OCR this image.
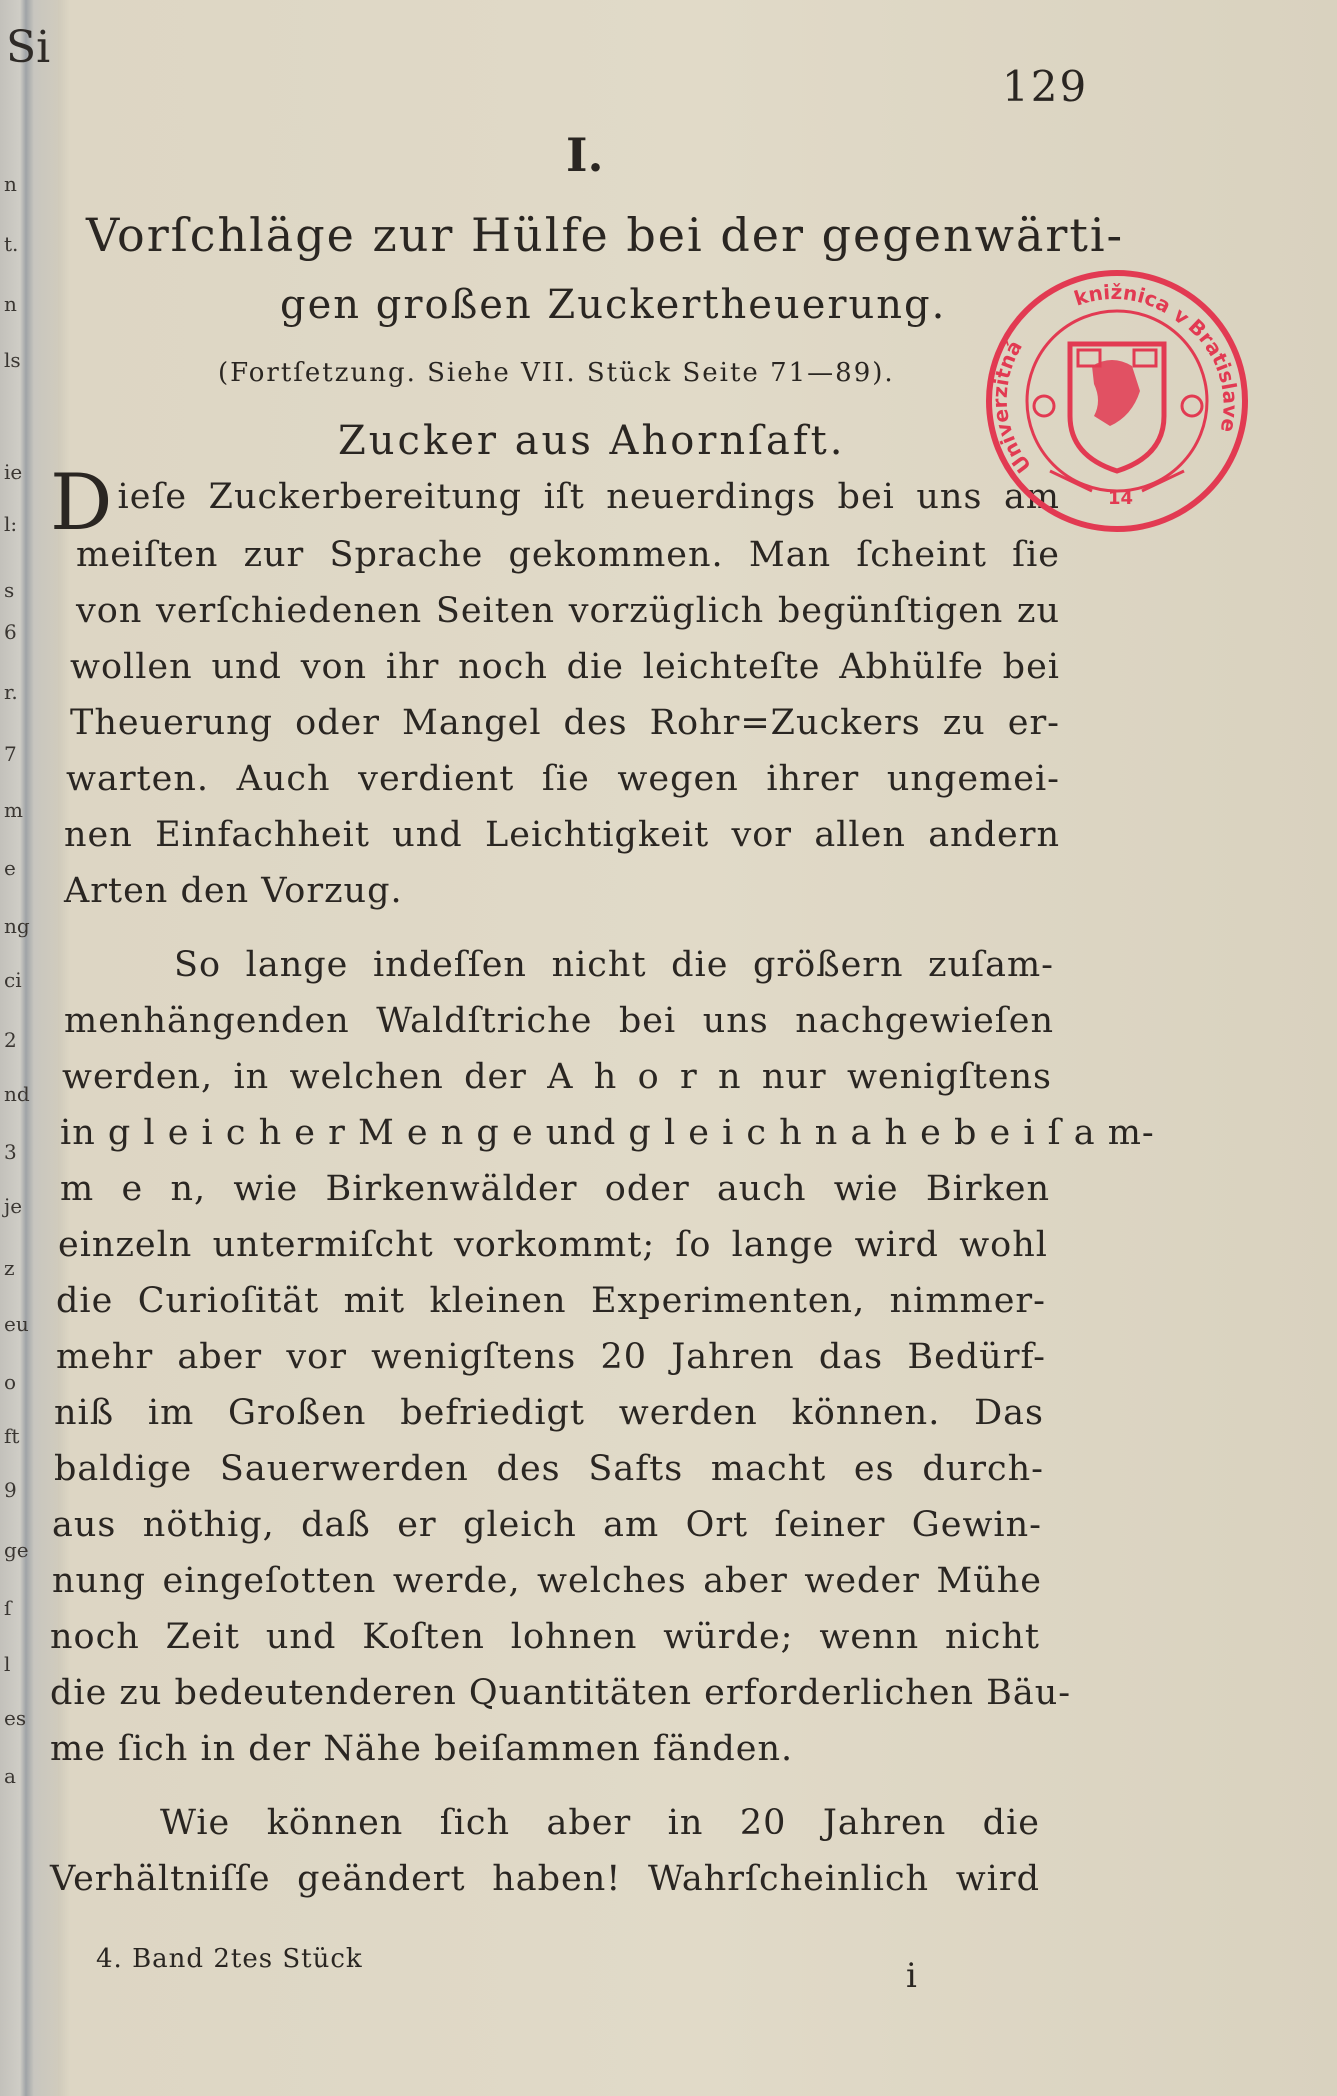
Si
n
t.
n
ls
ie
l:
s
6
r.
7
m
e
ng
ci
2
nd
3
je
z
eu
o
ft
9
ge
ſ
l
es
a
129
I.
Vorſchläge zur Hülfe bei der gegenwärti-
gen großen Zuckertheuerung.
(Fortſetzung. Siehe VII. Stück Seite 71—89).
Zucker aus Ahornſaft.
Dieſe Zuckerbereitung iſt neuerdings bei uns am
meiſten zur Sprache gekommen. Man ſcheint ſie
von verſchiedenen Seiten vorzüglich begünſtigen zu
wollen und von ihr noch die leichteſte Abhülfe bei
Theuerung oder Mangel des Rohr=Zuckers zu er-
warten. Auch verdient ſie wegen ihrer ungemei-
nen Einfachheit und Leichtigkeit vor allen andern
Arten den Vorzug.
So lange indeſſen nicht die größern zuſam-
menhängenden Waldſtriche bei uns nachgewieſen
werden, in welchen der A h o r n nur wenigſtens
in g l e i c h e r M e n g e und g l e i c h n a h e b e i ſ a m-
m e n, wie Birkenwälder oder auch wie Birken
einzeln untermiſcht vorkommt; ſo lange wird wohl
die Curioſität mit kleinen Experimenten, nimmer-
mehr aber vor wenigſtens 20 Jahren das Bedürf-
niß im Großen befriedigt werden können. Das
baldige Sauerwerden des Safts macht es durch-
aus nöthig, daß er gleich am Ort ſeiner Gewin-
nung eingeſotten werde, welches aber weder Mühe
noch Zeit und Koſten lohnen würde; wenn nicht
die zu bedeutenderen Quantitäten erforderlichen Bäu-
me ſich in der Nähe beiſammen fänden.
Wie können ſich aber in 20 Jahren die
Verhältniſſe geändert haben! Wahrſcheinlich wird
4. Band 2tes Stück	i
Univerzitná
knižnica v
Bratislave
14
